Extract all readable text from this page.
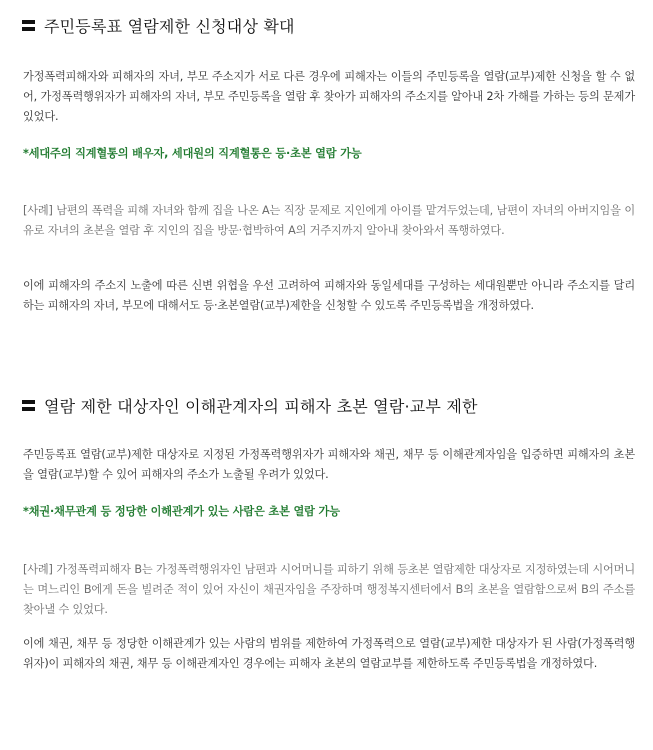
주민등록표 열람제한 신청대상 확대

가정폭력피해자와 피해자의 자녀, 부모 주소지가 서로 다른 경우에 피해자는 이들의 주민등록을 열람(교부)제한 신청을 할 수 없어, 가정폭력행위자가 피해자의 자녀, 부모 주민등록을 열람 후 찾아가 피해자의 주소지를 알아내 2차 가해를 가하는 등의 문제가 있었다.

*세대주의 직계혈통의 배우자, 세대원의 직계혈통은 등·초본 열람 가능

[사례] 남편의 폭력을 피해 자녀와 함께 집을 나온 A는 직장 문제로 지인에게 아이를 맡겨두었는데, 남편이 자녀의 아버지임을 이유로 자녀의 초본을 열람 후 지인의 집을 방문·협박하여 A의 거주지까지 알아내 찾아와서 폭행하였다.

이에 피해자의 주소지 노출에 따른 신변 위협을 우선 고려하여 피해자와 동일세대를 구성하는 세대원뿐만 아니라 주소지를 달리하는 피해자의 자녀, 부모에 대해서도 등·초본열람(교부)제한을 신청할 수 있도록 주민등록법을 개정하였다.

열람 제한 대상자인 이해관계자의 피해자 초본 열람·교부 제한

주민등록표 열람(교부)제한 대상자로 지정된 가정폭력행위자가 피해자와 채권, 채무 등 이해관계자임을 입증하면 피해자의 초본을 열람(교부)할 수 있어 피해자의 주소가 노출될 우려가 있었다.

*채권·채무관계 등 정당한 이해관계가 있는 사람은 초본 열람 가능

[사례] 가정폭력피해자 B는 가정폭력행위자인 남편과 시어머니를 피하기 위해 등초본 열람제한 대상자로 지정하였는데 시어머니는 며느리인 B에게 돈을 빌려준 적이 있어 자신이 채권자임을 주장하며 행정복지센터에서 B의 초본을 열람함으로써 B의 주소를 찾아낼 수 있었다.

이에 채권, 채무 등 정당한 이해관계가 있는 사람의 범위를 제한하여 가정폭력으로 열람(교부)제한 대상자가 된 사람(가정폭력행위자)이 피해자의 채권, 채무 등 이해관계자인 경우에는 피해자 초본의 열람교부를 제한하도록 주민등록법을 개정하였다.
